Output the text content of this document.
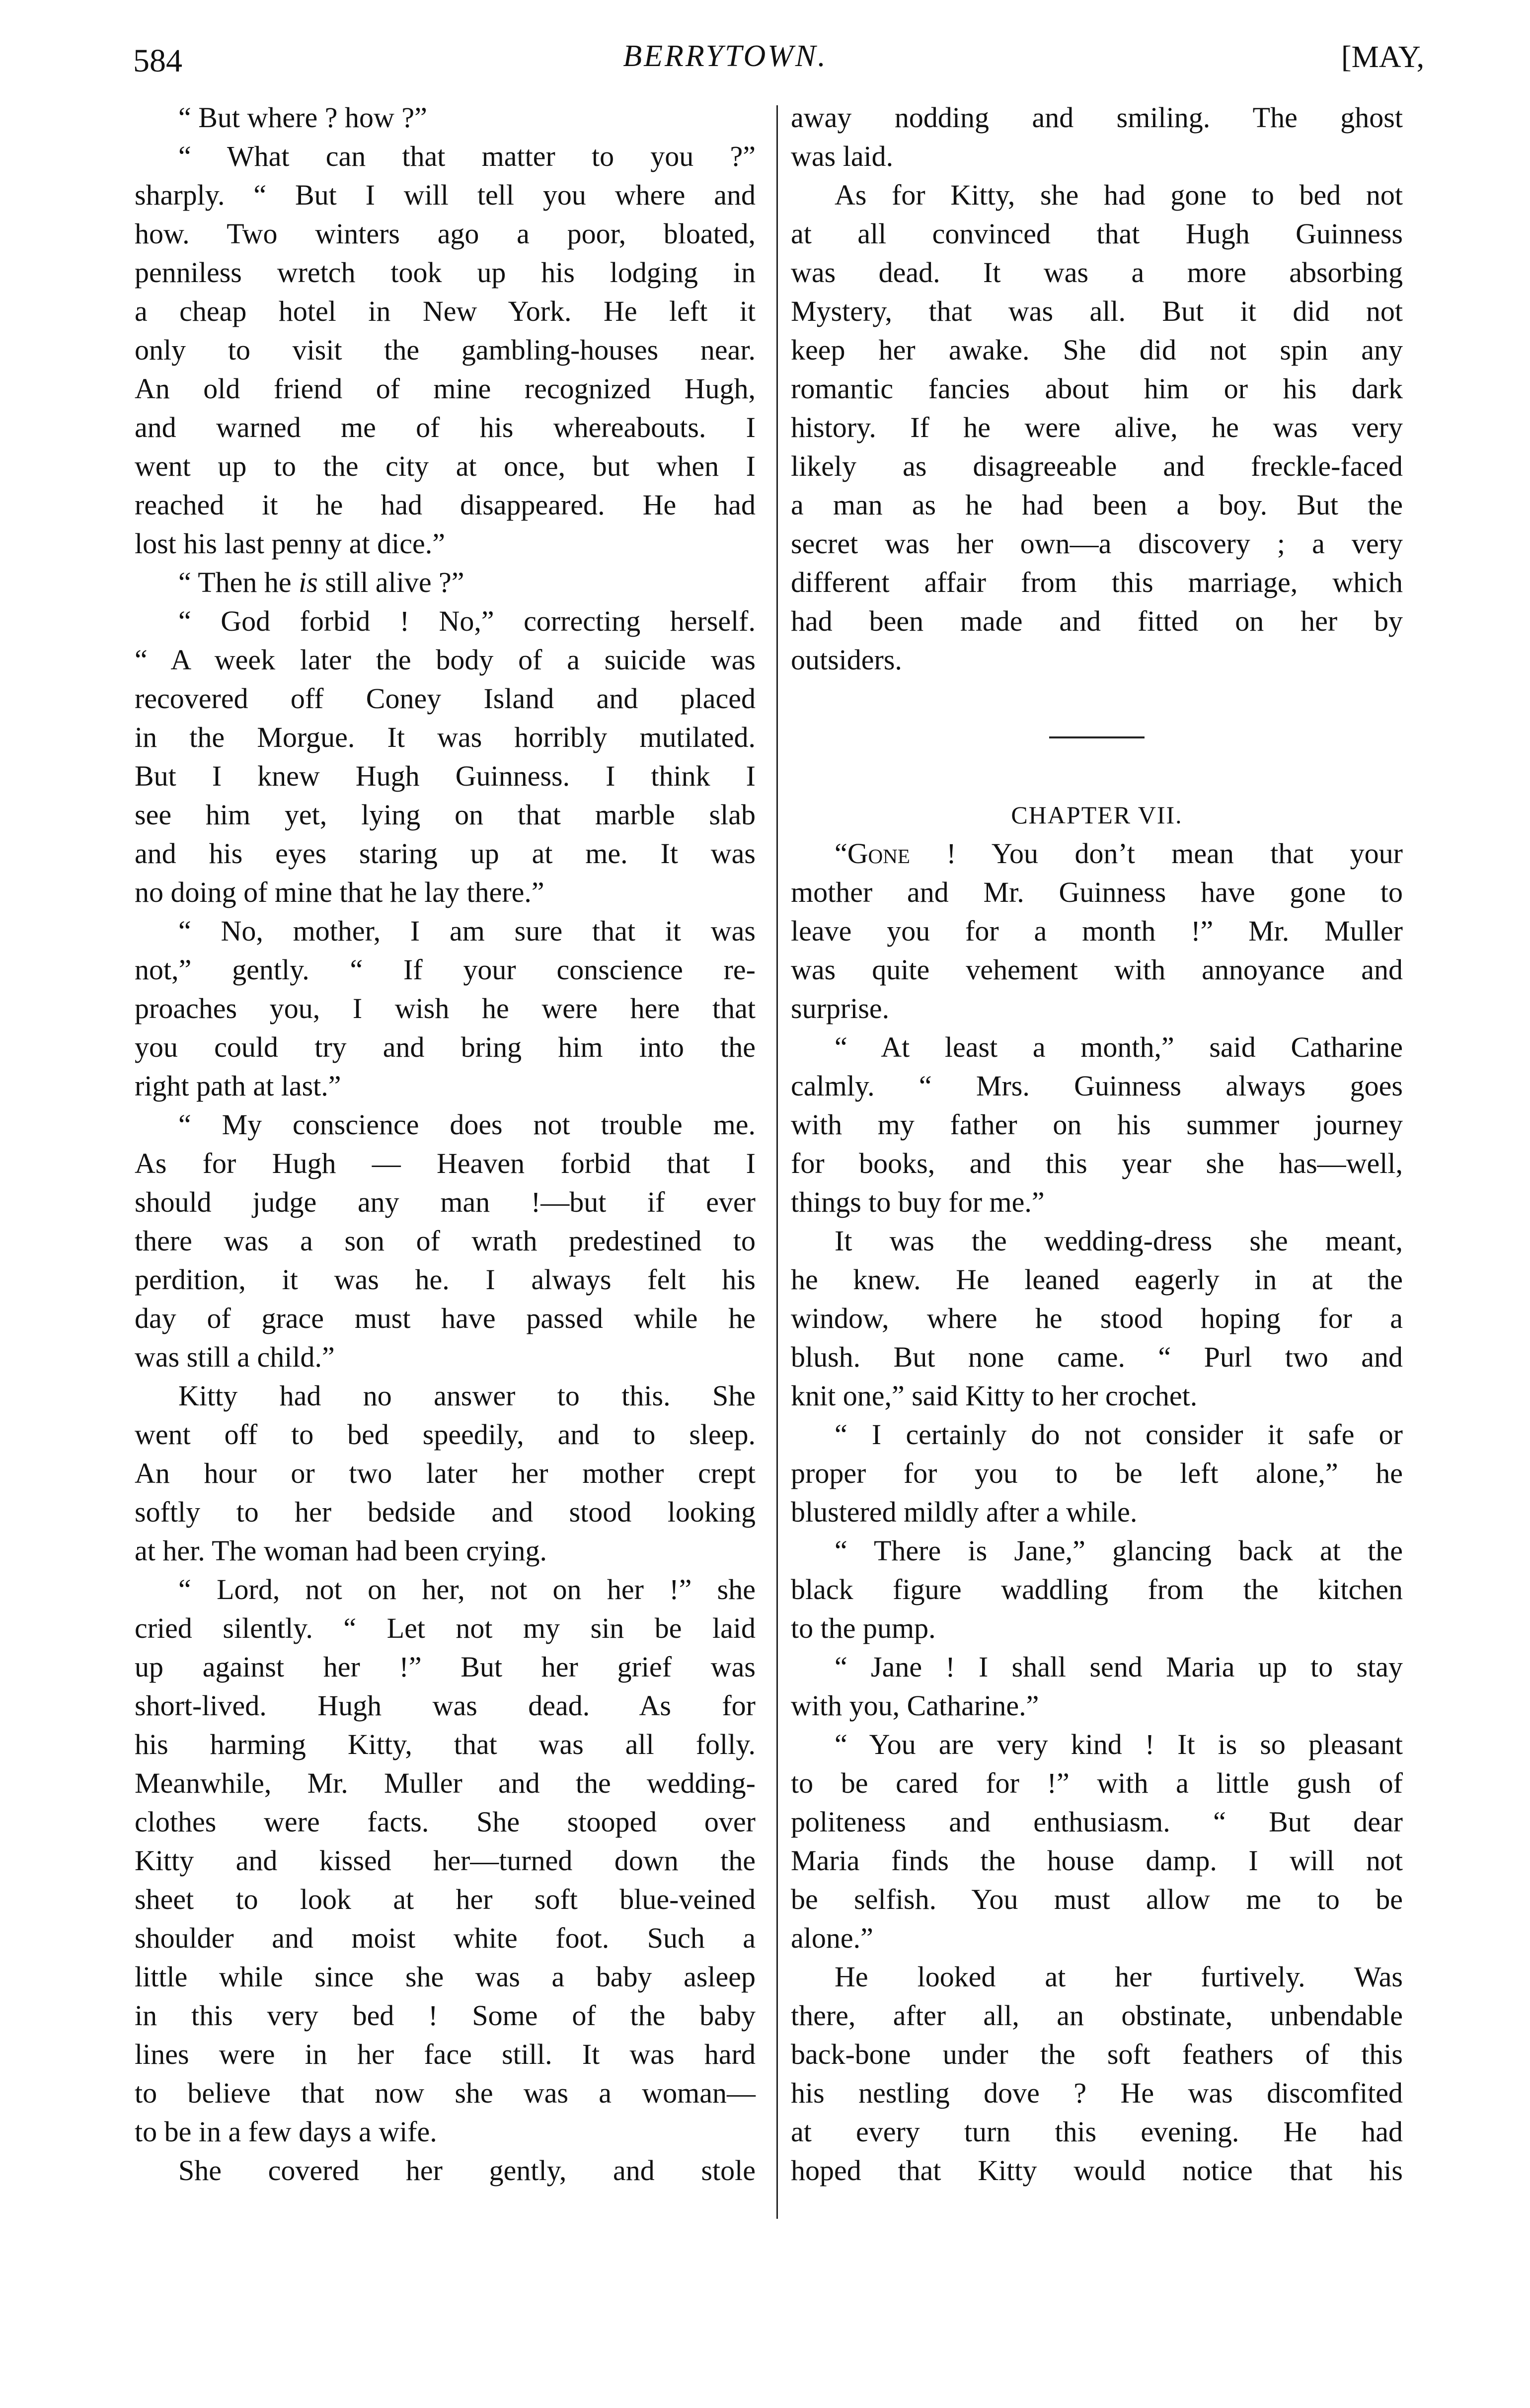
584	BERRYTOWN.	[MAY,
“ But where ? how ?”
“ What can that matter to you ?”
sharply. “ But I will tell you where and
how. Two winters ago a poor, bloated,
penniless wretch took up his lodging in
a cheap hotel in New York. He left it
only to visit the gambling-houses near.
An old friend of mine recognized Hugh,
and warned me of his whereabouts. I
went up to the city at once, but when I
reached it he had disappeared. He had
lost his last penny at dice.”
“ Then he is still alive ?”
“ God forbid ! No,” correcting herself.
“ A week later the body of a suicide was
recovered off Coney Island and placed
in the Morgue. It was horribly mutilated.
But I knew Hugh Guinness. I think I
see him yet, lying on that marble slab
and his eyes staring up at me. It was
no doing of mine that he lay there.”
“ No, mother, I am sure that it was
not,” gently. “ If your conscience re-
proaches you, I wish he were here that
you could try and bring him into the
right path at last.”
“ My conscience does not trouble me.
As for Hugh — Heaven forbid that I
should judge any man !—but if ever
there was a son of wrath predestined to
perdition, it was he. I always felt his
day of grace must have passed while he
was still a child.”
Kitty had no answer to this. She
went off to bed speedily, and to sleep.
An hour or two later her mother crept
softly to her bedside and stood looking
at her. The woman had been crying.
“ Lord, not on her, not on her !” she
cried silently. “ Let not my sin be laid
up against her !” But her grief was
short-lived. Hugh was dead. As for
his harming Kitty, that was all folly.
Meanwhile, Mr. Muller and the wedding-
clothes were facts. She stooped over
Kitty and kissed her—turned down the
sheet to look at her soft blue-veined
shoulder and moist white foot. Such a
little while since she was a baby asleep
in this very bed ! Some of the baby
lines were in her face still. It was hard
to believe that now she was a woman—
to be in a few days a wife.
She covered her gently, and stole
away nodding and smiling. The ghost
was laid.
As for Kitty, she had gone to bed not
at all convinced that Hugh Guinness
was dead. It was a more absorbing
Mystery, that was all. But it did not
keep her awake. She did not spin any
romantic fancies about him or his dark
history. If he were alive, he was very
likely as disagreeable and freckle-faced
a man as he had been a boy. But the
secret was her own—a discovery ; a very
different affair from this marriage, which
had been made and fitted on her by
outsiders.
CHAPTER VII.
“Gone ! You don’t mean that your
mother and Mr. Guinness have gone to
leave you for a month !” Mr. Muller
was quite vehement with annoyance and
surprise.
“ At least a month,” said Catharine
calmly. “ Mrs. Guinness always goes
with my father on his summer journey
for books, and this year she has—well,
things to buy for me.”
It was the wedding-dress she meant,
he knew. He leaned eagerly in at the
window, where he stood hoping for a
blush. But none came. “ Purl two and
knit one,” said Kitty to her crochet.
“ I certainly do not consider it safe or
proper for you to be left alone,” he
blustered mildly after a while.
“ There is Jane,” glancing back at the
black figure waddling from the kitchen
to the pump.
“ Jane ! I shall send Maria up to stay
with you, Catharine.”
“ You are very kind ! It is so pleasant
to be cared for !” with a little gush of
politeness and enthusiasm. “ But dear
Maria finds the house damp. I will not
be selfish. You must allow me to be
alone.”
He looked at her furtively. Was
there, after all, an obstinate, unbendable
back-bone under the soft feathers of this
his nestling dove ? He was discomfited
at every turn this evening. He had
hoped that Kitty would notice that his
